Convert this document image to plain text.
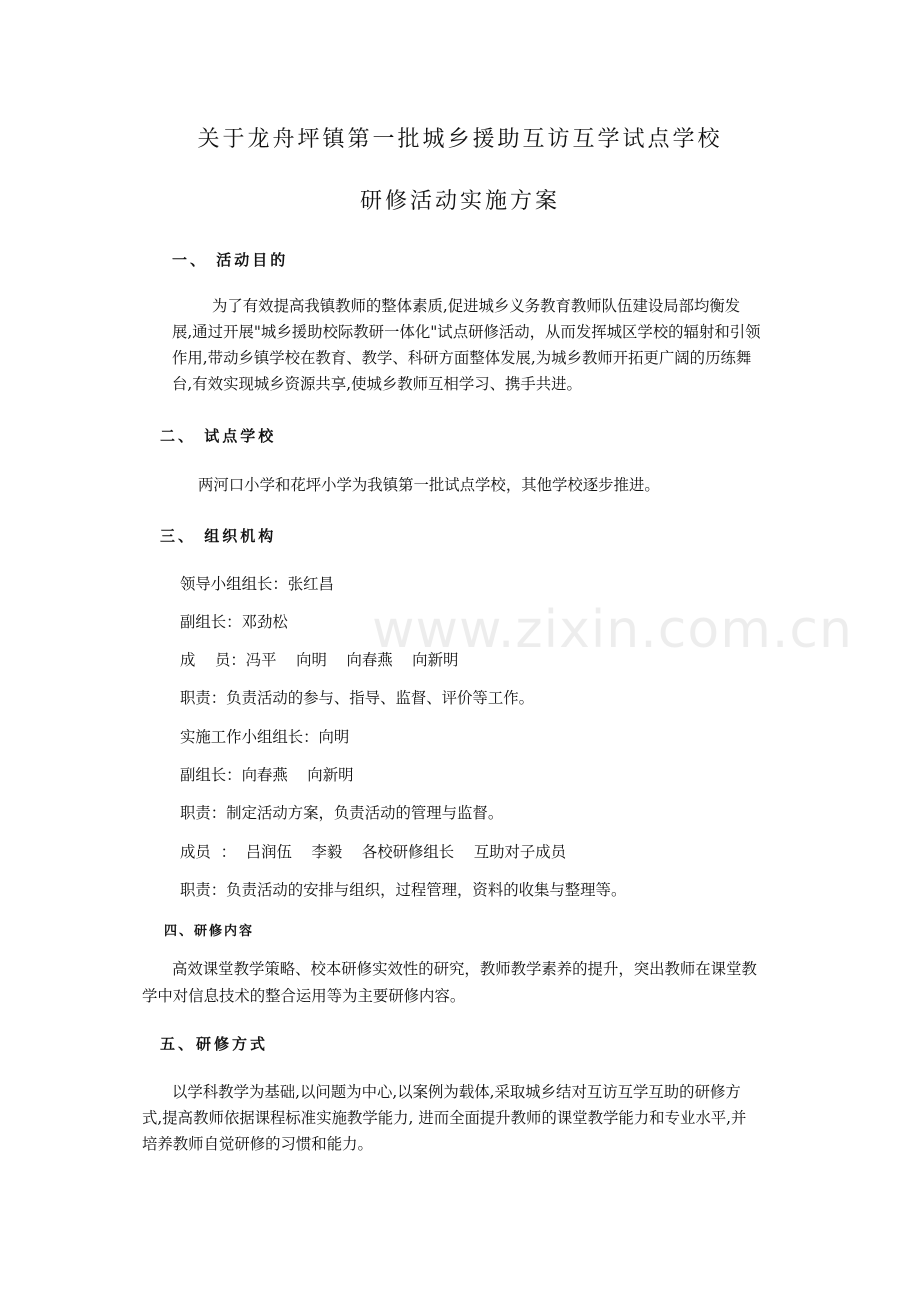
关于龙舟坪镇第一批城乡援助互访互学试点学校
研修活动实施方案
一、 活动目的
为了有效提高我镇教师的整体素质,促进城乡义务教育教师队伍建设局部均衡发
展,通过开展"城乡援助校际教研一体化"试点研修活动，从而发挥城区学校的辐射和引领
作用,带动乡镇学校在教育、教学、科研方面整体发展,为城乡教师开拓更广阔的历练舞
台,有效实现城乡资源共享,使城乡教师互相学习、携手共进。
二、 试点学校
两河口小学和花坪小学为我镇第一批试点学校，其他学校逐步推进。
三、 组织机构
领导小组组长：张红昌
副组长：邓劲松
成    员：冯平    向明    向春燕    向新明
职责：负责活动的参与、指导、监督、评价等工作。
实施工作小组组长：向明
副组长：向春燕    向新明
职责：制定活动方案，负责活动的管理与监督。
成员  ：  吕润伍    李毅    各校研修组长    互助对子成员
职责：负责活动的安排与组织，过程管理，资料的收集与整理等。
四、研修内容
高效课堂教学策略、校本研修实效性的研究，教师教学素养的提升，突出教师在课堂教
学中对信息技术的整合运用等为主要研修内容。
五、研修方式
以学科教学为基础,以问题为中心,以案例为载体,采取城乡结对互访互学互助的研修方
式,提高教师依据课程标准实施教学能力, 进而全面提升教师的课堂教学能力和专业水平,并
培养教师自觉研修的习惯和能力。
www.zixin.com.cn
